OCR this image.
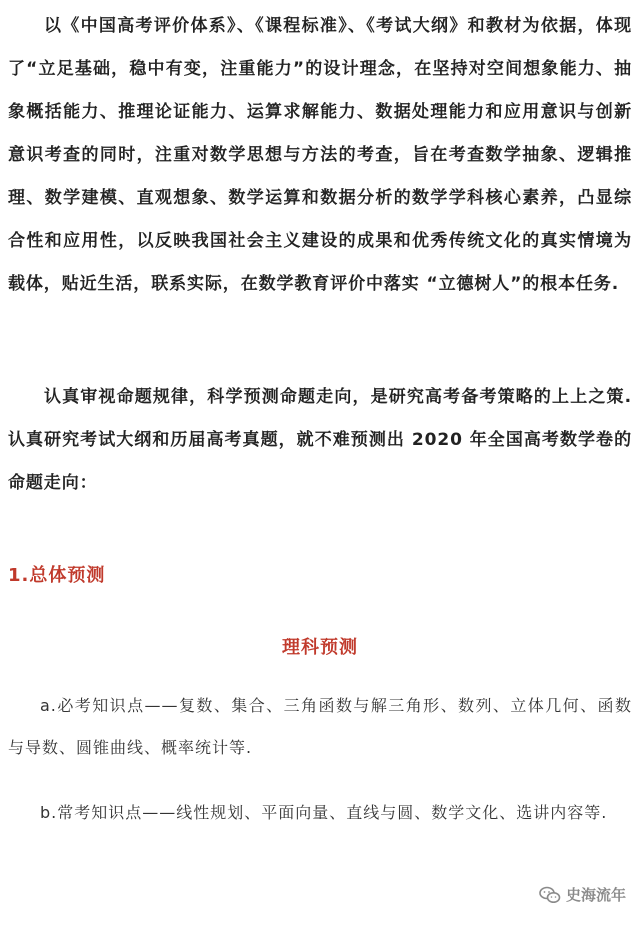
以《中国高考评价体系》、《课程标准》、《考试大纲》和教材为依据，体现了“立足基础，稳中有变，注重能力”的设计理念，在坚持对空间想象能力、抽象概括能力、推理论证能力、运算求解能力、数据处理能力和应用意识与创新意识考查的同时，注重对数学思想与方法的考查，旨在考查数学抽象、逻辑推理、数学建模、直观想象、数学运算和数据分析的数学学科核心素养，凸显综合性和应用性，以反映我国社会主义建设的成果和优秀传统文化的真实情境为载体，贴近生活，联系实际，在数学教育评价中落实 “立德树人”的根本任务.

认真审视命题规律，科学预测命题走向，是研究高考备考策略的上上之策.认真研究考试大纲和历届高考真题，就不难预测出 2020 年全国高考数学卷的命题走向：

1.总体预测
理科预测

a.必考知识点——复数、集合、三角函数与解三角形、数列、立体几何、函数与导数、圆锥曲线、概率统计等.

b.常考知识点——线性规划、平面向量、直线与圆、数学文化、选讲内容等.

史海流年
